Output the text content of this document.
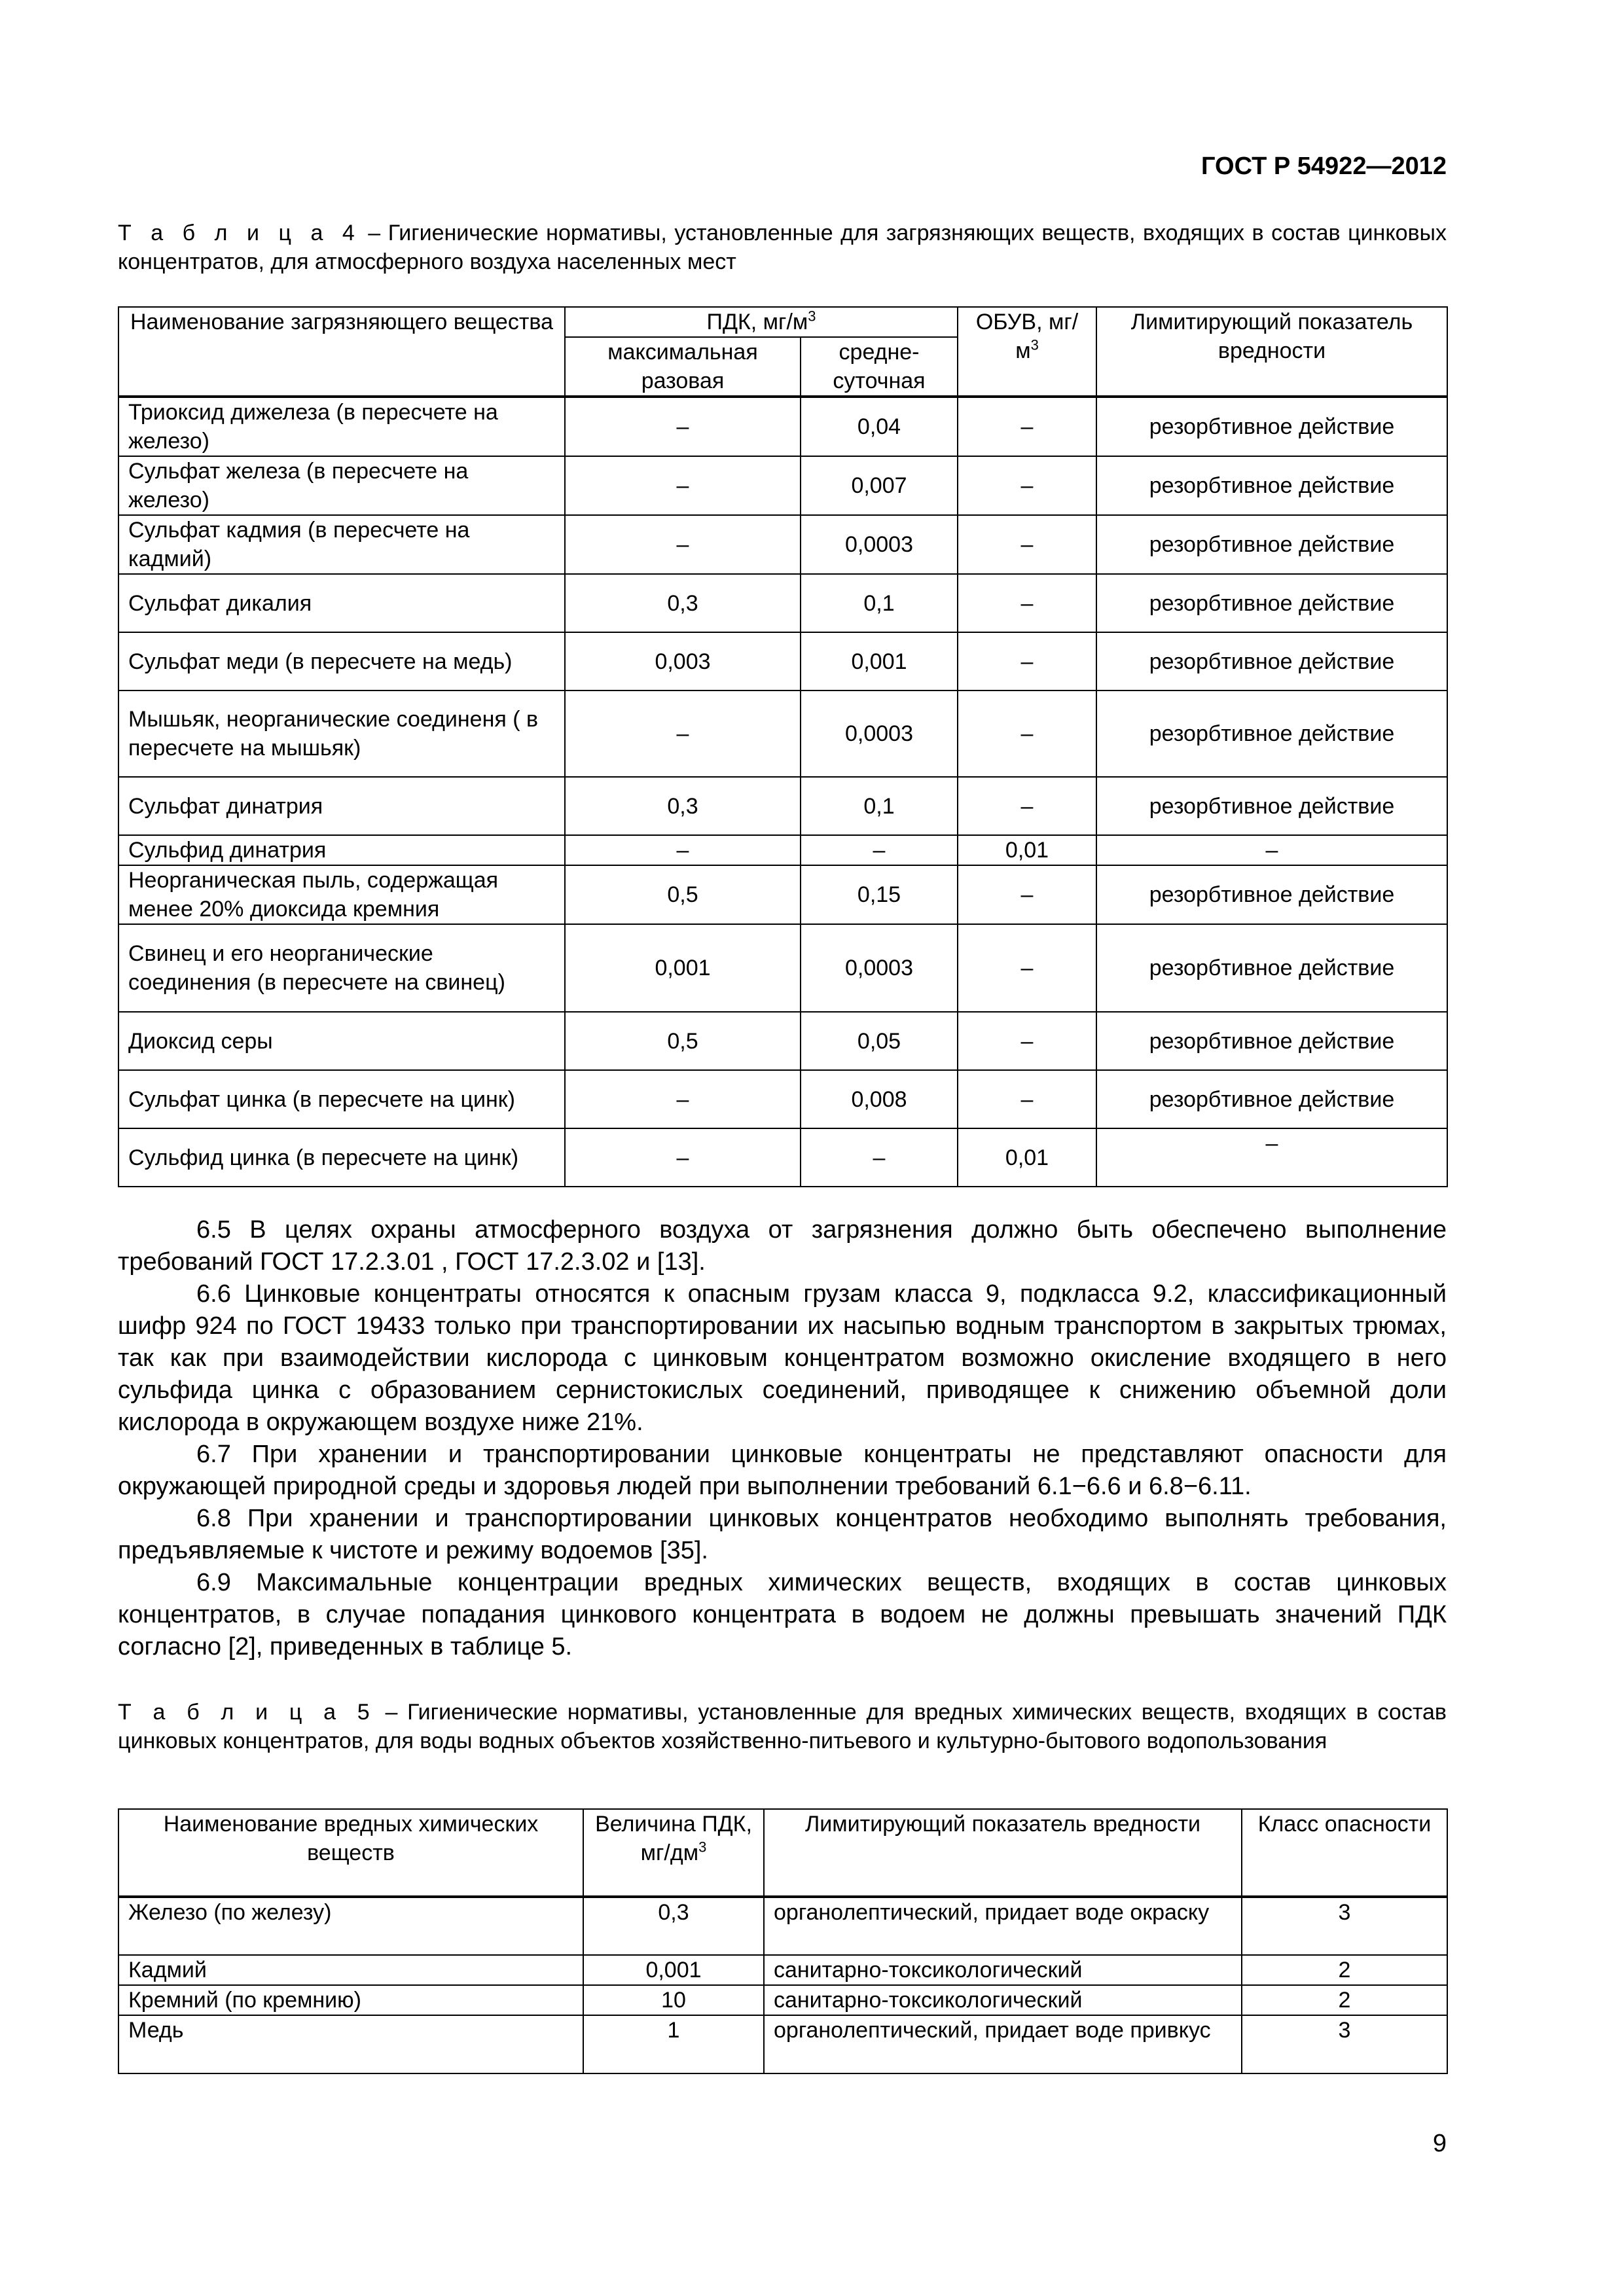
ГОСТ Р 54922—2012
Т а б л и ц а 4 – Гигиенические нормативы, установленные для загрязняющих веществ, входящих в состав цинковых концентратов, для атмосферного воздуха населенных мест
Наименование загрязняющего вещества	ПДК, $мг/м^3$		ОБУВ, $мг/м^3$	Лимитирующий показатель вредности
	максимальная разовая	средне-суточная		
Триоксид дижелеза (в пересчете на железо)	–	0,04	–	резорбтивное действие
Сульфат железа (в пересчете на железо)	–	0,007	–	резорбтивное действие
Сульфат кадмия (в пересчете на кадмий)	–	0,0003	–	резорбтивное действие
Сульфат дикалия	0,3	0,1	–	резорбтивное действие
Сульфат меди (в пересчете на медь)	0,003	0,001	–	резорбтивное действие
Мышьяк, неорганические соединеня ( в пересчете на мышьяк)	–	0,0003	–	резорбтивное действие
Сульфат динатрия	0,3	0,1	–	резорбтивное действие
Сульфид динатрия	–	–	0,01	–
Неорганическая пыль, содержащая менее 20% диоксида кремния	0,5	0,15	–	резорбтивное действие
Свинец и его неорганические соединения (в пересчете на свинец)	0,001	0,0003	–	резорбтивное действие
Диоксид серы	0,5	0,05	–	резорбтивное действие
Сульфат цинка (в пересчете на цинк)	–	0,008	–	резорбтивное действие
Сульфид цинка (в пересчете на цинк)	–	–	0,01	–

6.5 В целях охраны атмосферного воздуха от загрязнения должно быть обеспечено выполнение требований ГОСТ 17.2.3.01 , ГОСТ 17.2.3.02 и [13].

6.6 Цинковые концентраты относятся к опасным грузам класса 9, подкласса 9.2, классификационный шифр 924 по ГОСТ 19433 только при транспортировании их насыпью водным транспортом в закрытых трюмах, так как при взаимодействии кислорода с цинковым концентратом возможно окисление входящего в него сульфида цинка с образованием сернистокислых соединений, приводящее к снижению объемной доли кислорода в окружающем воздухе ниже 21%.

6.7 При хранении и транспортировании цинковые концентраты не представляют опасности для окружающей природной среды и здоровья людей при выполнении требований 6.1−6.6 и 6.8−6.11.

6.8 При хранении и транспортировании цинковых концентратов необходимо выполнять требования, предъявляемые к чистоте и режиму водоемов [35].

6.9 Максимальные концентрации вредных химических веществ, входящих в состав цинковых концентратов, в случае попадания цинкового концентрата в водоем не должны превышать значений ПДК согласно [2], приведенных в таблице 5.

Т а б л и ц а 5 – Гигиенические нормативы, установленные для вредных химических веществ, входящих в состав цинковых концентратов, для воды водных объектов хозяйственно-питьевого и культурно-бытового водопользования
Наименование вредных химических веществ	Величина ПДК, $мг/дм^3$	Лимитирующий показатель вредности	Класс опасности
Железо (по железу)	0,3	органолептический, придает воде окраску	3
Кадмий	0,001	санитарно-токсикологический	2
Кремний (по кремнию)	10	санитарно-токсикологический	2
Медь	1	органолептический, придает воде привкус	3
9
